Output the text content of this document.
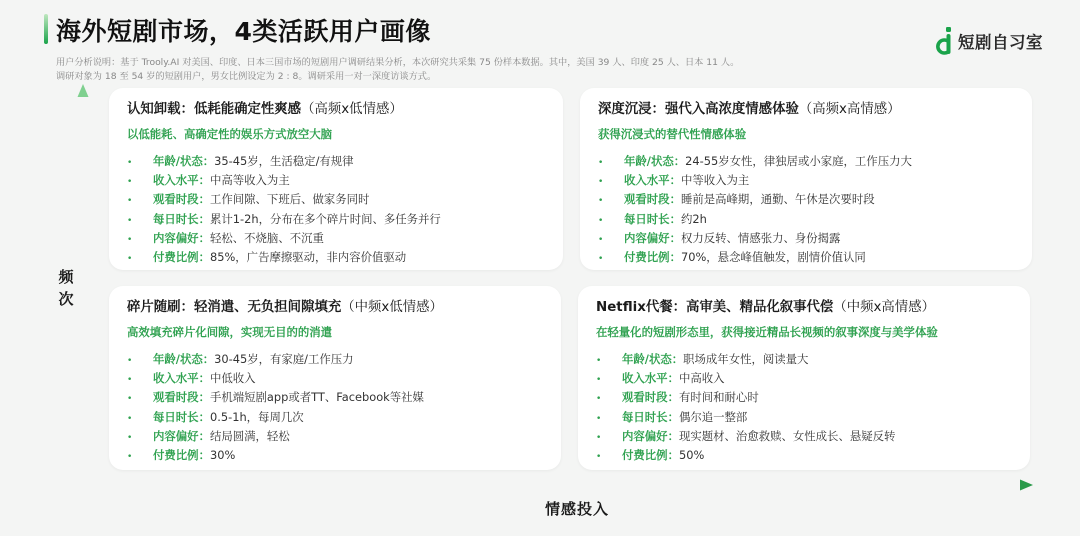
海外短剧市场，4类活跃用户画像
用户分析说明：基于 Trooly.AI 对美国、印度、日本三国市场的短剧用户调研结果分析，本次研究共采集 75 份样本数据。其中，美国 39 人、印度 25 人、日本 11 人。
调研对象为 18 至 54 岁的短剧用户，男女比例设定为 2 : 8。调研采用一对一深度访谈方式。
短剧自习室
频次
情感投入
认知卸载：低耗能确定性爽感（高频x低情感）
以低能耗、高确定性的娱乐方式放空大脑
•	年龄/状态： 35-45岁，生活稳定/有规律
•	收入水平： 中高等收入为主
•	观看时段： 工作间隙、下班后、做家务同时
•	每日时长： 累计1-2h，分布在多个碎片时间、多任务并行
•	内容偏好： 轻松、不烧脑、不沉重
•	付费比例： 85%，广告摩擦驱动，非内容价值驱动
深度沉浸：强代入高浓度情感体验（高频x高情感）
获得沉浸式的替代性情感体验
•	年龄/状态： 24-55岁女性，律独居或小家庭，工作压力大
•	收入水平： 中等收入为主
•	观看时段： 睡前是高峰期，通勤、午休是次要时段
•	每日时长： 约2h
•	内容偏好： 权力反转、情感张力、身份揭露
•	付费比例： 70%，悬念峰值触发，剧情价值认同
碎片随刷：轻消遣、无负担间隙填充（中频x低情感）
高效填充碎片化间隙，实现无目的的消遣
•	年龄/状态： 30-45岁，有家庭/工作压力
•	收入水平： 中低收入
•	观看时段： 手机端短剧app或者TT、Facebook等社媒
•	每日时长： 0.5-1h，每周几次
•	内容偏好： 结局圆满，轻松
•	付费比例： 30%
Netflix代餐：高审美、精品化叙事代偿（中频x高情感）
在轻量化的短剧形态里，获得接近精品长视频的叙事深度与美学体验
•	年龄/状态： 职场成年女性，阅读量大
•	收入水平： 中高收入
•	观看时段： 有时间和耐心时
•	每日时长： 偶尔追一整部
•	内容偏好： 现实题材、治愈救赎、女性成长、悬疑反转
•	付费比例： 50%
